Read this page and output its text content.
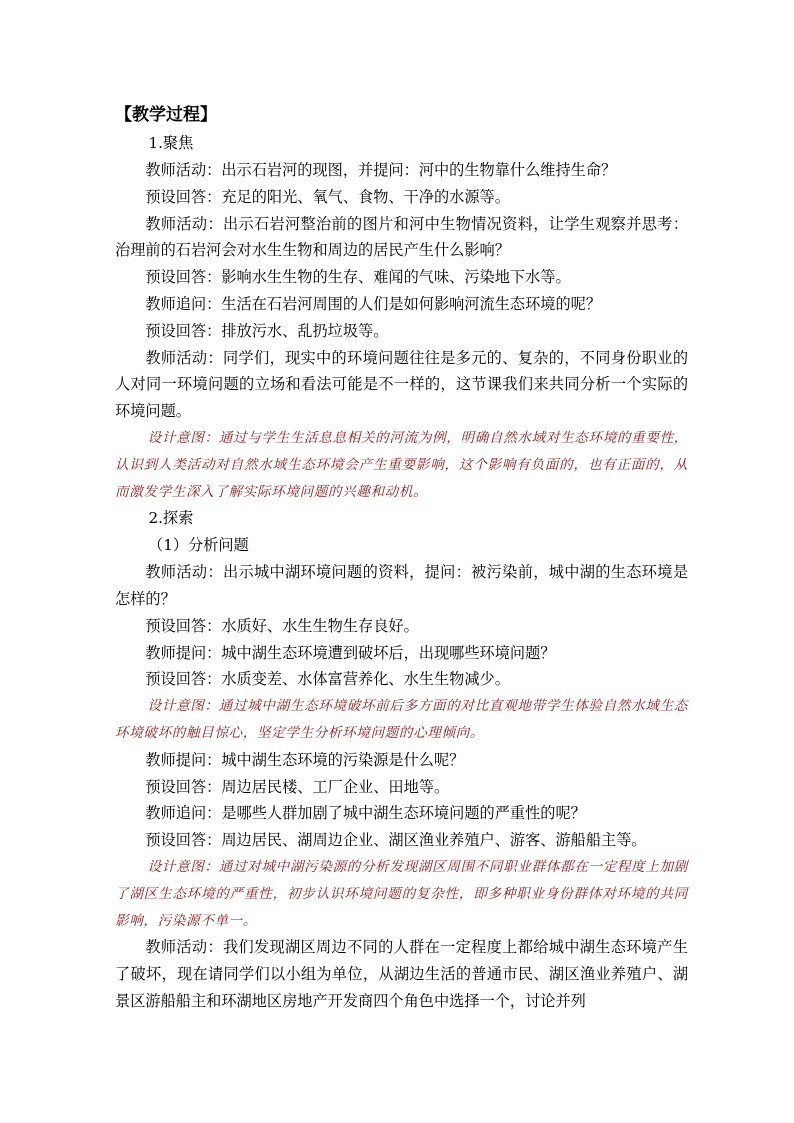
【教学过程】
1.聚焦

教师活动：出示石岩河的现图，并提问：河中的生物靠什么维持生命？

预设回答：充足的阳光、氧气、食物、干净的水源等。

教师活动：出示石岩河整治前的图片和河中生物情况资料，让学生观察并思考：治理前的石岩河会对水生生物和周边的居民产生什么影响？

预设回答：影响水生生物的生存、难闻的气味、污染地下水等。

教师追问：生活在石岩河周围的人们是如何影响河流生态环境的呢？

预设回答：排放污水、乱扔垃圾等。

教师活动：同学们，现实中的环境问题往往是多元的、复杂的，不同身份职业的人对同一环境问题的立场和看法可能是不一样的，这节课我们来共同分析一个实际的环境问题。

设计意图：通过与学生生活息息相关的河流为例，明确自然水域对生态环境的重要性，认识到人类活动对自然水域生态环境会产生重要影响，这个影响有负面的，也有正面的，从而激发学生深入了解实际环境问题的兴趣和动机。

2.探索
（1）分析问题

教师活动：出示城中湖环境问题的资料，提问：被污染前，城中湖的生态环境是怎样的？

预设回答：水质好、水生生物生存良好。

教师提问：城中湖生态环境遭到破坏后，出现哪些环境问题？

预设回答：水质变差、水体富营养化、水生生物减少。

设计意图：通过城中湖生态环境破坏前后多方面的对比直观地带学生体验自然水域生态环境破坏的触目惊心，坚定学生分析环境问题的心理倾向。

教师提问：城中湖生态环境的污染源是什么呢？

预设回答：周边居民楼、工厂企业、田地等。

教师追问：是哪些人群加剧了城中湖生态环境问题的严重性的呢？

预设回答：周边居民、湖周边企业、湖区渔业养殖户、游客、游船船主等。

设计意图：通过对城中湖污染源的分析发现湖区周围不同职业群体都在一定程度上加剧了湖区生态环境的严重性，初步认识环境问题的复杂性，即多种职业身份群体对环境的共同影响，污染源不单一。

教师活动：我们发现湖区周边不同的人群在一定程度上都给城中湖生态环境产生了破坏，现在请同学们以小组为单位，从湖边生活的普通市民、湖区渔业养殖户、湖景区游船船主和环湖地区房地产开发商四个角色中选择一个，讨论并列
